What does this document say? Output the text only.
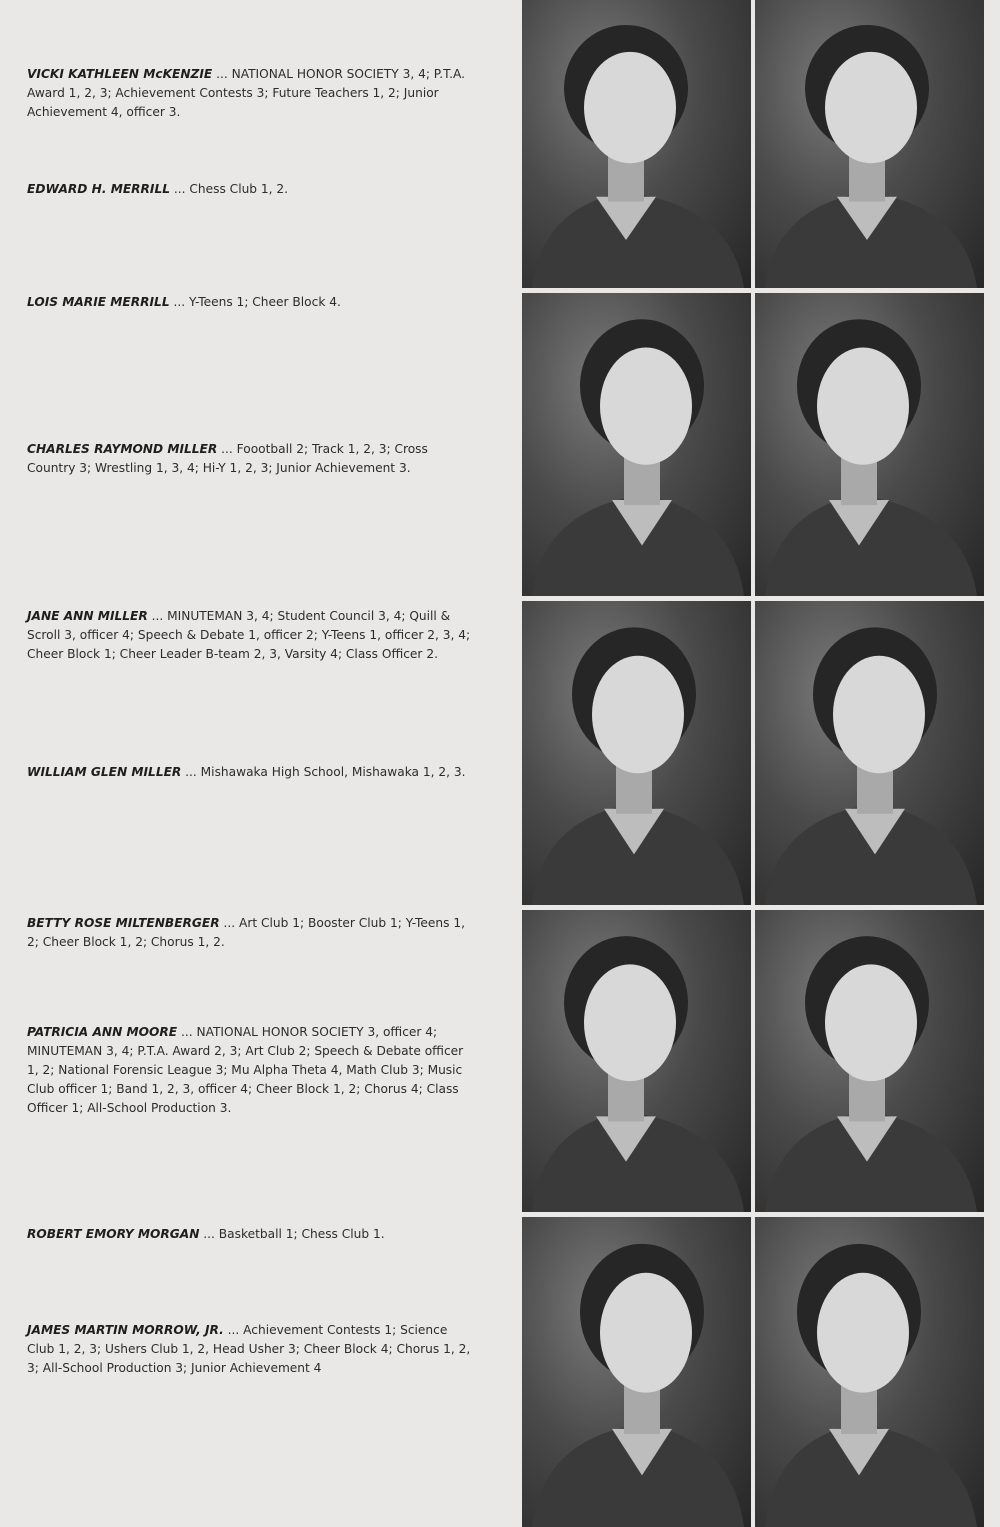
VICKI KATHLEEN McKENZIE ... NATIONAL HONOR SOCIETY 3, 4; P.T.A. Award 1, 2, 3; Achievement Contests 3; Future Teachers 1, 2; Junior Achievement 4, officer 3.

EDWARD H. MERRILL ... Chess Club 1, 2.

LOIS MARIE MERRILL ... Y-Teens 1; Cheer Block 4.

CHARLES RAYMOND MILLER ... Foootball 2; Track 1, 2, 3; Cross Country 3; Wrestling 1, 3, 4; Hi-Y 1, 2, 3; Junior Achievement 3.

JANE ANN MILLER ... MINUTEMAN 3, 4; Student Council 3, 4; Quill & Scroll 3, officer 4; Speech & Debate 1, officer 2; Y-Teens 1, officer 2, 3, 4; Cheer Block 1; Cheer Leader B-team 2, 3, Varsity 4; Class Officer 2.

WILLIAM GLEN MILLER ... Mishawaka High School, Mishawaka 1, 2, 3.

BETTY ROSE MILTENBERGER ... Art Club 1; Booster Club 1; Y-Teens 1, 2; Cheer Block 1, 2; Chorus 1, 2.

PATRICIA ANN MOORE ... NATIONAL HONOR SOCIETY 3, officer 4; MINUTEMAN 3, 4; P.T.A. Award 2, 3; Art Club 2; Speech & Debate officer 1, 2; National Forensic League 3; Mu Alpha Theta 4, Math Club 3; Music Club officer 1; Band 1, 2, 3, officer 4; Cheer Block 1, 2; Chorus 4; Class Officer 1; All-School Production 3.

ROBERT EMORY MORGAN ... Basketball 1; Chess Club 1.

JAMES MARTIN MORROW, JR. ... Achievement Contests 1; Science Club 1, 2, 3; Ushers Club 1, 2, Head Usher 3; Cheer Block 4; Chorus 1, 2, 3; All-School Production 3; Junior Achievement 4
